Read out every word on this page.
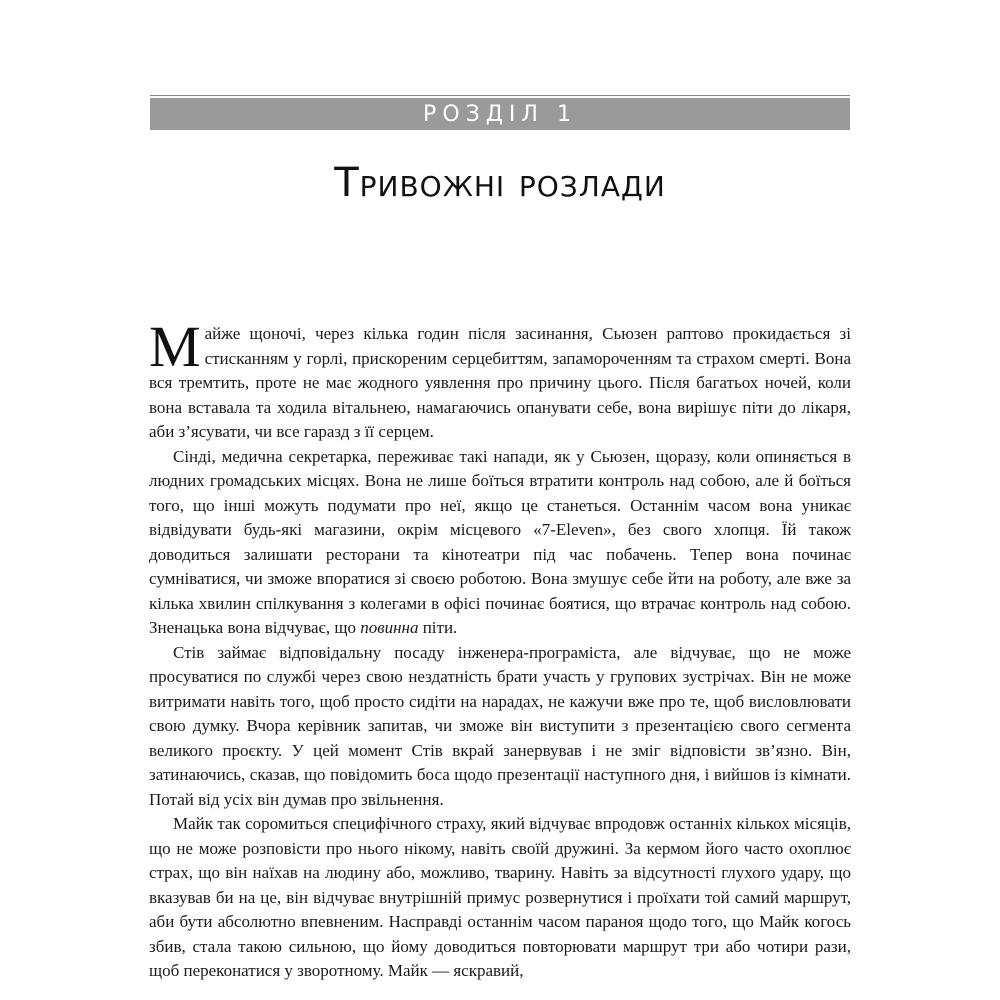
РОЗДІЛ 1
Тривожні розлади

Майже щоночі, через кілька годин після засинання, Сьюзен раптово прокидається зі стисканням у горлі, прискореним серцебиттям, запамороченням та страхом смерті. Вона вся тремтить, проте не має жодного уявлення про причину цього. Після багатьох ночей, коли вона вставала та ходила вітальнею, намагаючись опанувати себе, вона вирішує піти до лікаря, аби з’ясувати, чи все гаразд з її серцем.

Сінді, медична секретарка, переживає такі напади, як у Сьюзен, щоразу, коли опиняється в людних громадських місцях. Вона не лише боїться втратити контроль над собою, але й боїться того, що інші можуть подумати про неї, якщо це станеться. Останнім часом вона уникає відвідувати будь-які магазини, окрім місцевого «7-Eleven», без свого хлопця. Їй також доводиться залишати ресторани та кінотеатри під час побачень. Тепер вона починає сумніватися, чи зможе впоратися зі своєю роботою. Вона змушує себе йти на роботу, але вже за кілька хвилин спілкування з колегами в офісі починає боятися, що втрачає контроль над собою. Зненацька вона відчуває, що повинна піти.

Стів займає відповідальну посаду інженера-програміста, але відчуває, що не може просуватися по службі через свою нездатність брати участь у групових зустрічах. Він не може витримати навіть того, щоб просто сидіти на нарадах, не кажучи вже про те, щоб висловлювати свою думку. Вчора керівник запитав, чи зможе він виступити з презентацією свого сегмента великого проєкту. У цей момент Стів вкрай занервував і не зміг відповісти зв’язно. Він, затинаючись, сказав, що повідомить боса щодо презентації наступного дня, і вийшов із кімнати. Потай від усіх він думав про звільнення.

Майк так соромиться специфічного страху, який відчуває впродовж останніх кількох місяців, що не може розповісти про нього нікому, навіть своїй дружині. За кермом його часто охоплює страх, що він наїхав на людину або, можливо, тварину. Навіть за відсутності глухого удару, що вказував би на це, він відчуває внутрішній примус розвернутися і проїхати той самий маршрут, аби бути абсолютно впевненим. Насправді останнім часом параноя щодо того, що Майк когось збив, стала такою сильною, що йому доводиться повторювати маршрут три або чотири рази, щоб переконатися у зворотному. Майк — яскравий,
